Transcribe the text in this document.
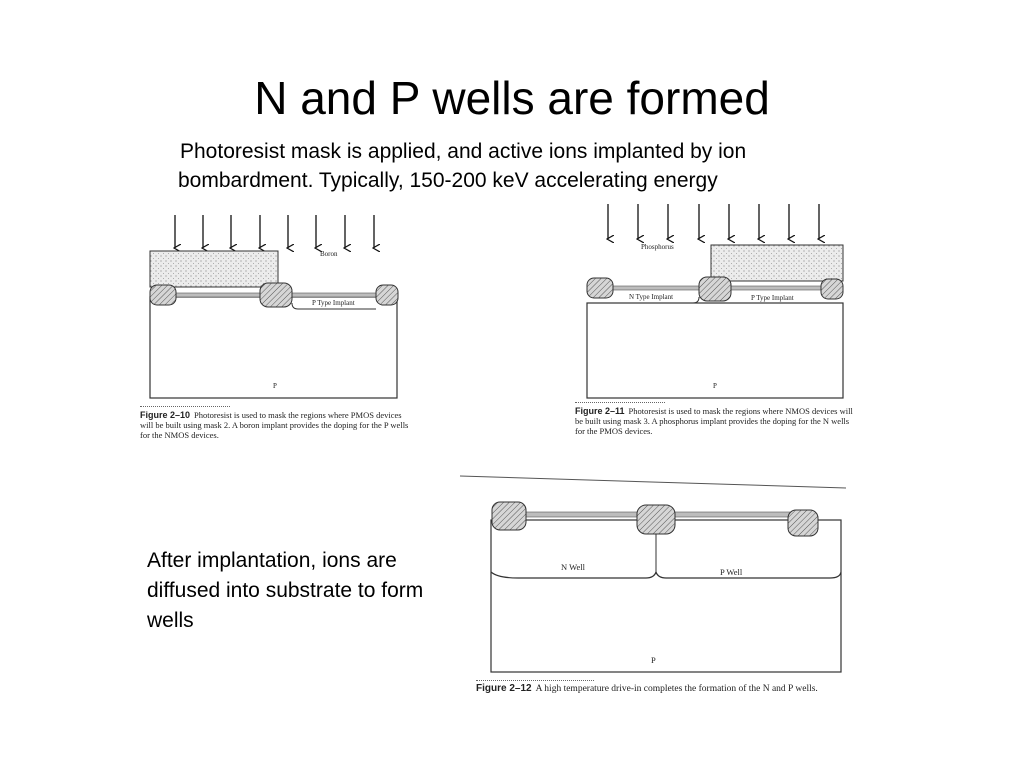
N and P wells are formed
Photoresist mask is applied, and active ions implanted by ion
bombardment. Typically, 150-200 keV accelerating energy
Boron
P Type Implant
P
Figure 2–10 Photoresist is used to mask the regions where PMOS devices will be built using mask 2. A boron implant provides the doping for the P wells for the NMOS devices.
Phosphorus
N Type Implant	P Type Implant
P
Figure 2–11 Photoresist is used to mask the regions where NMOS devices will be built using mask 3. A phosphorus implant provides the doping for the N wells for the PMOS devices.
N Well	P Well
P
Figure 2–12 A high temperature drive-in completes the formation of the N and P wells.
After implantation, ions are diffused into substrate to form wells
